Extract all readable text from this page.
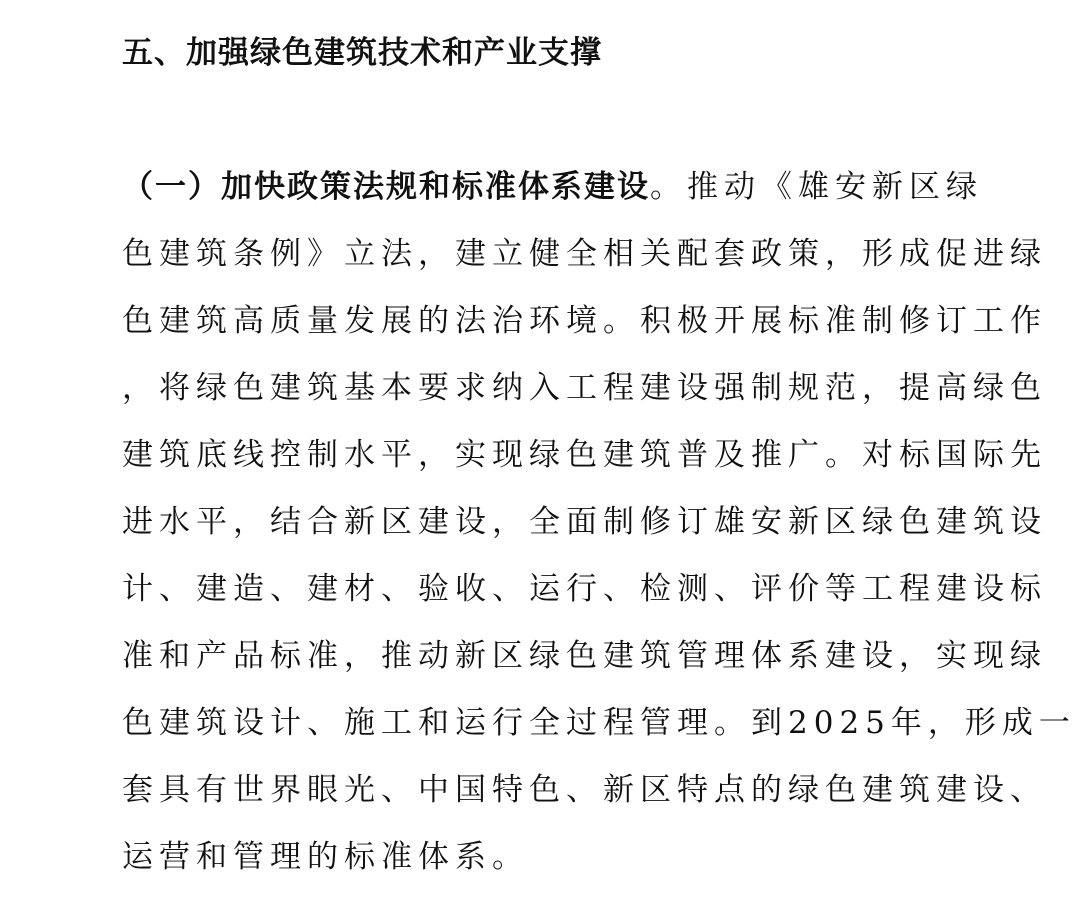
五、加强绿色建筑技术和产业支撑
（一）加快政策法规和标准体系建设。推动《雄安新区绿
色建筑条例》立法，建立健全相关配套政策，形成促进绿
色建筑高质量发展的法治环境。积极开展标准制修订工作
，将绿色建筑基本要求纳入工程建设强制规范，提高绿色
建筑底线控制水平，实现绿色建筑普及推广。对标国际先
进水平，结合新区建设，全面制修订雄安新区绿色建筑设
计、建造、建材、验收、运行、检测、评价等工程建设标
准和产品标准，推动新区绿色建筑管理体系建设，实现绿
色建筑设计、施工和运行全过程管理。到2025年，形成一
套具有世界眼光、中国特色、新区特点的绿色建筑建设、
运营和管理的标准体系。
